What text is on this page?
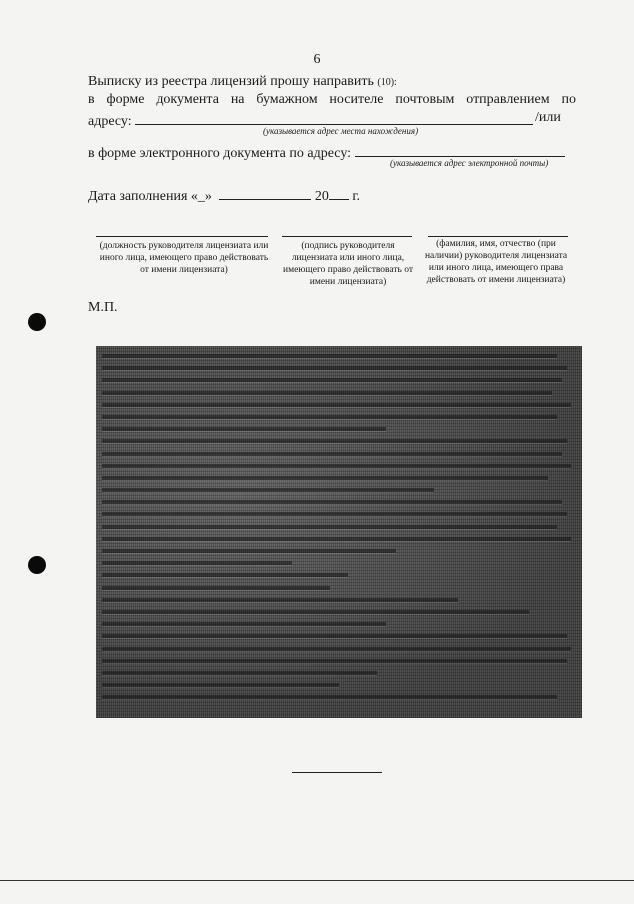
6
Выписку из реестра лицензий прошу направить (10):
в форме документа на бумажном носителе почтовым отправлением по
адресу:	/или
(указывается адрес места нахождения)
в форме электронного документа по адресу:
(указывается адрес электронной почты)
Дата заполнения «_»	20 г.
(должность руководителя лицензиата или иного лица, имеющего право действовать от имени лицензиата)
(подпись руководителя лицензиата или иного лица, имеющего право действовать от имени лицензиата)
(фамилия, имя, отчество (при наличии) руководителя лицензиата или иного лица, имеющего права действовать от имени лицензиата)
М.П.
